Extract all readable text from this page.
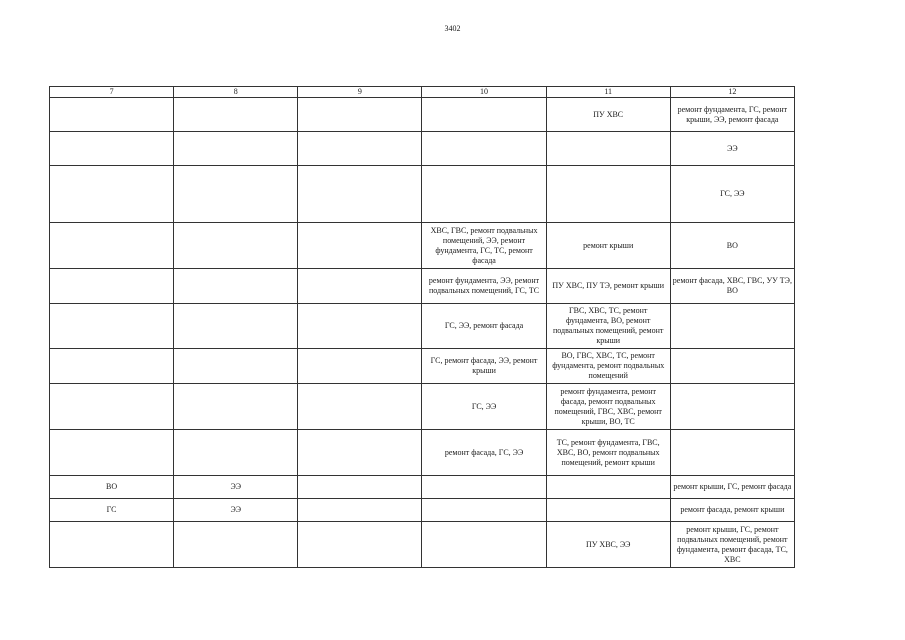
3402
7	8	9	10	11	12
				ПУ ХВС	ремонт фундамента, ГС, ремонт крыши, ЭЭ, ремонт фасада
					ЭЭ
					ГС, ЭЭ
			ХВС, ГВС, ремонт подвальных помещений, ЭЭ, ремонт фундамента, ГС, ТС, ремонт фасада	ремонт крыши	ВО
			ремонт фундамента, ЭЭ, ремонт подвальных помещений, ГС, ТС	ПУ ХВС, ПУ ТЭ, ремонт крыши	ремонт фасада, ХВС, ГВС, УУ ТЭ, ВО
			ГС, ЭЭ, ремонт фасада	ГВС, ХВС, ТС, ремонт фундамента, ВО, ремонт подвальных помещений, ремонт крыши	
			ГС, ремонт фасада, ЭЭ, ремонт крыши	ВО, ГВС, ХВС, ТС, ремонт фундамента, ремонт подвальных помещений	
			ГС, ЭЭ	ремонт фундамента, ремонт фасада, ремонт подвальных помещений, ГВС, ХВС, ремонт крыши, ВО, ТС	
			ремонт фасада, ГС, ЭЭ	ТС, ремонт фундамента, ГВС, ХВС, ВО, ремонт подвальных помещений, ремонт крыши	
ВО	ЭЭ				ремонт крыши, ГС, ремонт фасада
ГС	ЭЭ				ремонт фасада, ремонт крыши
				ПУ ХВС, ЭЭ	ремонт крыши, ГС, ремонт подвальных помещений, ремонт фундамента, ремонт фасада, ТС, ХВС
